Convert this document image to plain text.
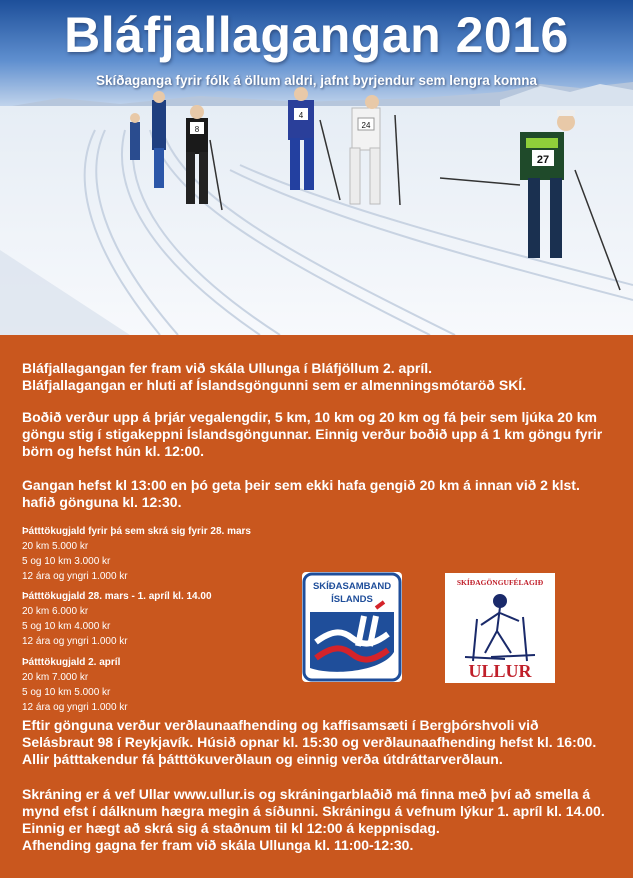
8
4
24
27
Bláfjallagangan 2016
Skíðaganga fyrir fólk á öllum aldri, jafnt byrjendur sem lengra komna
Bláfjallagangan fer fram við skála Ullunga í Bláfjöllum 2. apríl.
Bláfjallagangan er hluti af Íslandsgöngunni sem er almenningsmótaröð SKÍ.
Boðið verður upp á þrjár vegalengdir, 5 km, 10 km og 20 km og fá þeir sem ljúka 20 km göngu stig í stigakeppni Íslandsgöngunnar. Einnig verður boðið upp á 1 km göngu fyrir börn og hefst hún kl. 12:00.
Gangan hefst kl 13:00 en þó geta þeir sem ekki hafa gengið 20 km á innan við 2 klst. hafið gönguna kl. 12:30.
Þátttökugjald fyrir þá sem skrá sig fyrir 28. mars
20 km 5.000 kr
5 og 10 km 3.000 kr
12 ára og yngri 1.000 kr
Þátttökugjald 28. mars - 1. apríl kl. 14.00
20 km 6.000 kr
5 og 10 km 4.000 kr
12 ára og yngri 1.000 kr
Þátttökugjald 2. apríl
20 km 7.000 kr
5 og 10 km 5.000 kr
12 ára og yngri 1.000 kr
SKÍÐASAMBAND
ÍSLANDS
SKÍÐAGÖNGUFÉLAGIÐ
ULLUR
Eftir gönguna verður verðlaunaafhending og kaffisamsæti í Bergþórshvoli við Selásbraut 98 í Reykjavík. Húsið opnar kl. 15:30 og verðlaunaafhending hefst kl. 16:00. Allir þátttakendur fá þátttökuverðlaun og einnig verða útdráttarverðlaun.
Skráning er á vef Ullar www.ullur.is og skráningarblaðið má finna með því að smella á mynd efst í dálknum hægra megin á síðunni. Skráningu á vefnum lýkur 1. apríl kl. 14.00. Einnig er hægt að skrá sig á staðnum til kl 12:00 á keppnisdag.
Afhending gagna fer fram við skála Ullunga kl. 11:00-12:30.
